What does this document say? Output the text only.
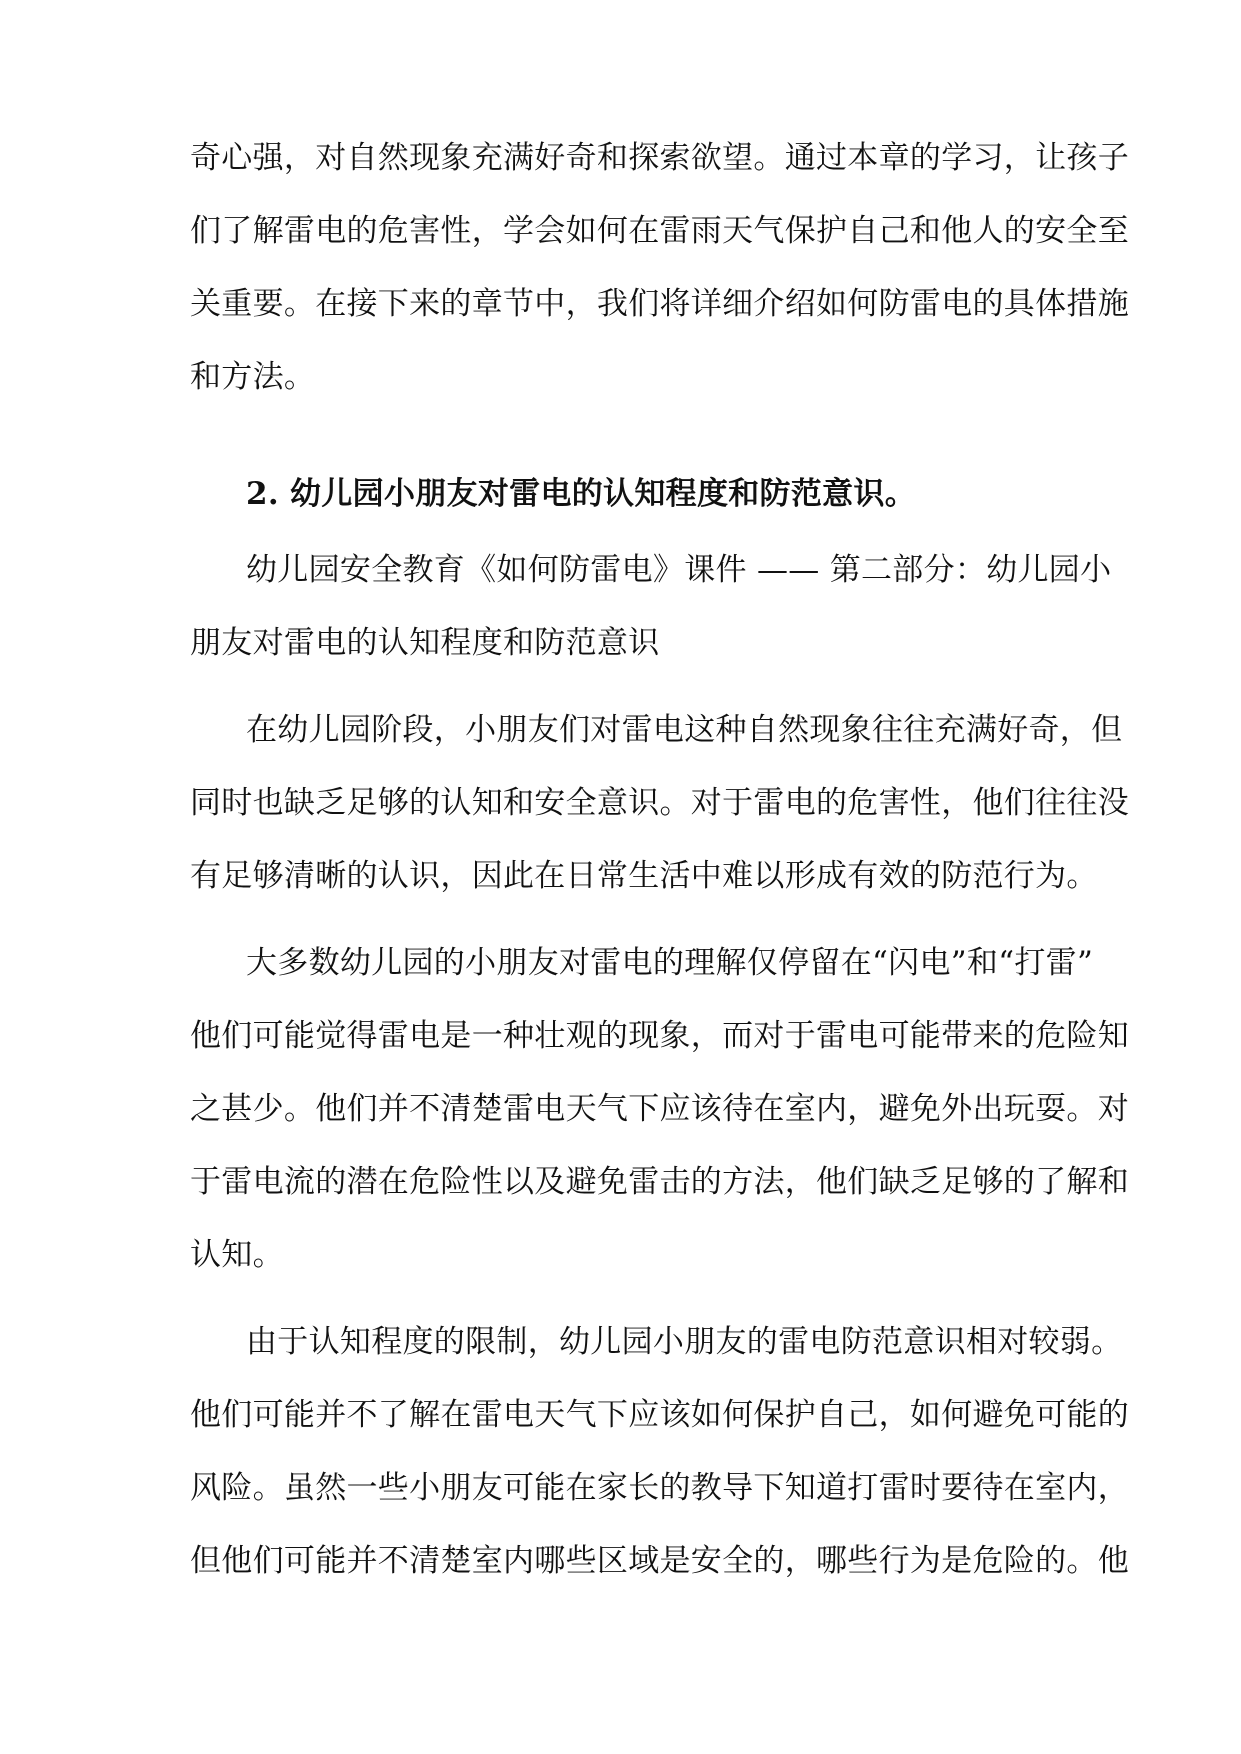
奇心强，对自然现象充满好奇和探索欲望。通过本章的学习，让孩子
们了解雷电的危害性，学会如何在雷雨天气保护自己和他人的安全至
关重要。在接下来的章节中，我们将详细介绍如何防雷电的具体措施
和方法。
2. 幼儿园小朋友对雷电的认知程度和防范意识。
幼儿园安全教育《如何防雷电》课件 —— 第二部分：幼儿园小
朋友对雷电的认知程度和防范意识
在幼儿园阶段，小朋友们对雷电这种自然现象往往充满好奇，但
同时也缺乏足够的认知和安全意识。对于雷电的危害性，他们往往没
有足够清晰的认识，因此在日常生活中难以形成有效的防范行为。
大多数幼儿园的小朋友对雷电的理解仅停留在“闪电”和“打雷”
他们可能觉得雷电是一种壮观的现象，而对于雷电可能带来的危险知
之甚少。他们并不清楚雷电天气下应该待在室内，避免外出玩耍。对
于雷电流的潜在危险性以及避免雷击的方法，他们缺乏足够的了解和
认知。
由于认知程度的限制，幼儿园小朋友的雷电防范意识相对较弱。
他们可能并不了解在雷电天气下应该如何保护自己，如何避免可能的
风险。虽然一些小朋友可能在家长的教导下知道打雷时要待在室内，
但他们可能并不清楚室内哪些区域是安全的，哪些行为是危险的。他
